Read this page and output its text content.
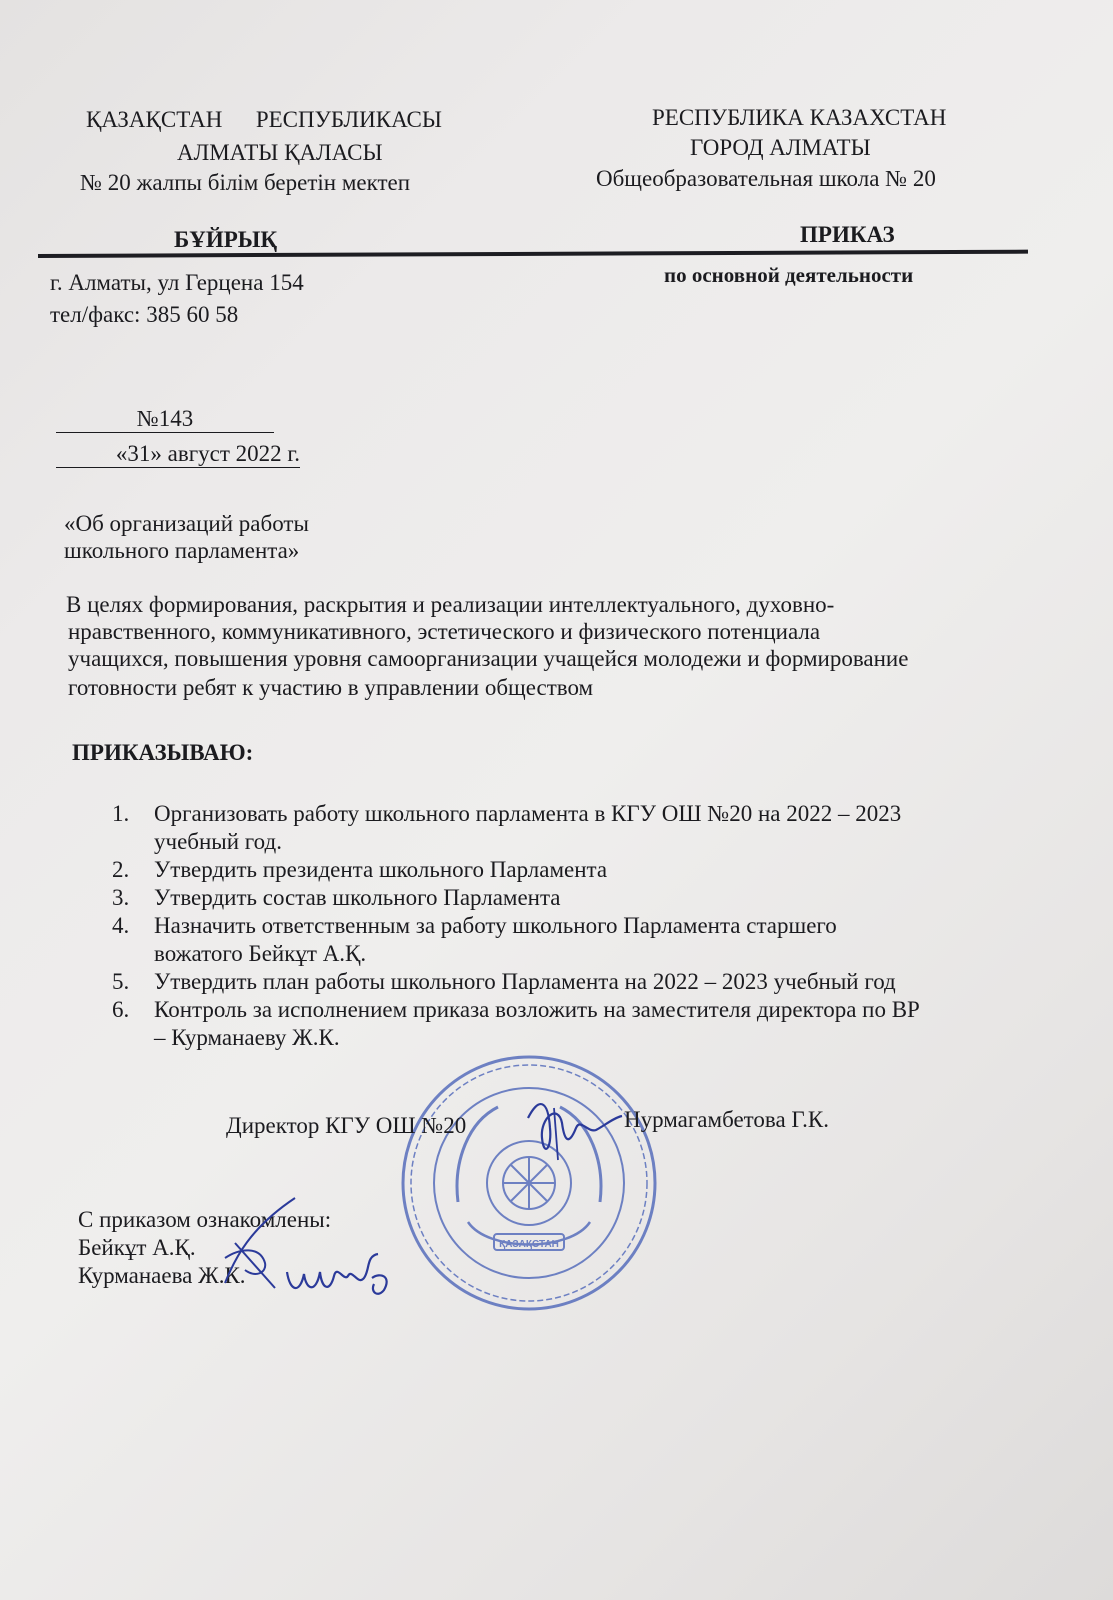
ҚАЗАҚСТАН РЕСПУБЛИКАСЫ
АЛМАТЫ ҚАЛАСЫ
№ 20 жалпы білім беретін мектеп
РЕСПУБЛИКА КАЗАХСТАН
ГОРОД АЛМАТЫ
Общеобразовательная школа № 20
БҰЙРЫҚ	ПРИКАЗ
по основной деятельности
г. Алматы, ул Герцена 154
тел/факс: 385 60 58
№143
«31» август 2022 г.
«Об организаций работы
школьного парламента»
В целях формирования, раскрытия и реализации интеллектуального, духовно-
нравственного, коммуникативного, эстетического и физического потенциала
учащихся, повышения уровня самоорганизации учащейся молодежи и формирование
готовности ребят к участию в управлении обществом
ПРИКАЗЫВАЮ:
1. Организовать работу школьного парламента в КГУ ОШ №20 на 2022 – 2023
учебный год.
2. Утвердить президента школьного Парламента
3. Утвердить состав школьного Парламента
4. Назначить ответственным за работу школьного Парламента старшего
вожатого Бейкұт А.Қ.
5. Утвердить план работы школьного Парламента на 2022 – 2023 учебный год
6. Контроль за исполнением приказа возложить на заместителя директора по ВР
– Курманаеву Ж.К.
ҚАЗАҚСТАН
Директор КГУ ОШ №20	Нурмагамбетова Г.К.
С приказом ознакомлены:
Бейкұт А.Қ.
Курманаева Ж.К.
